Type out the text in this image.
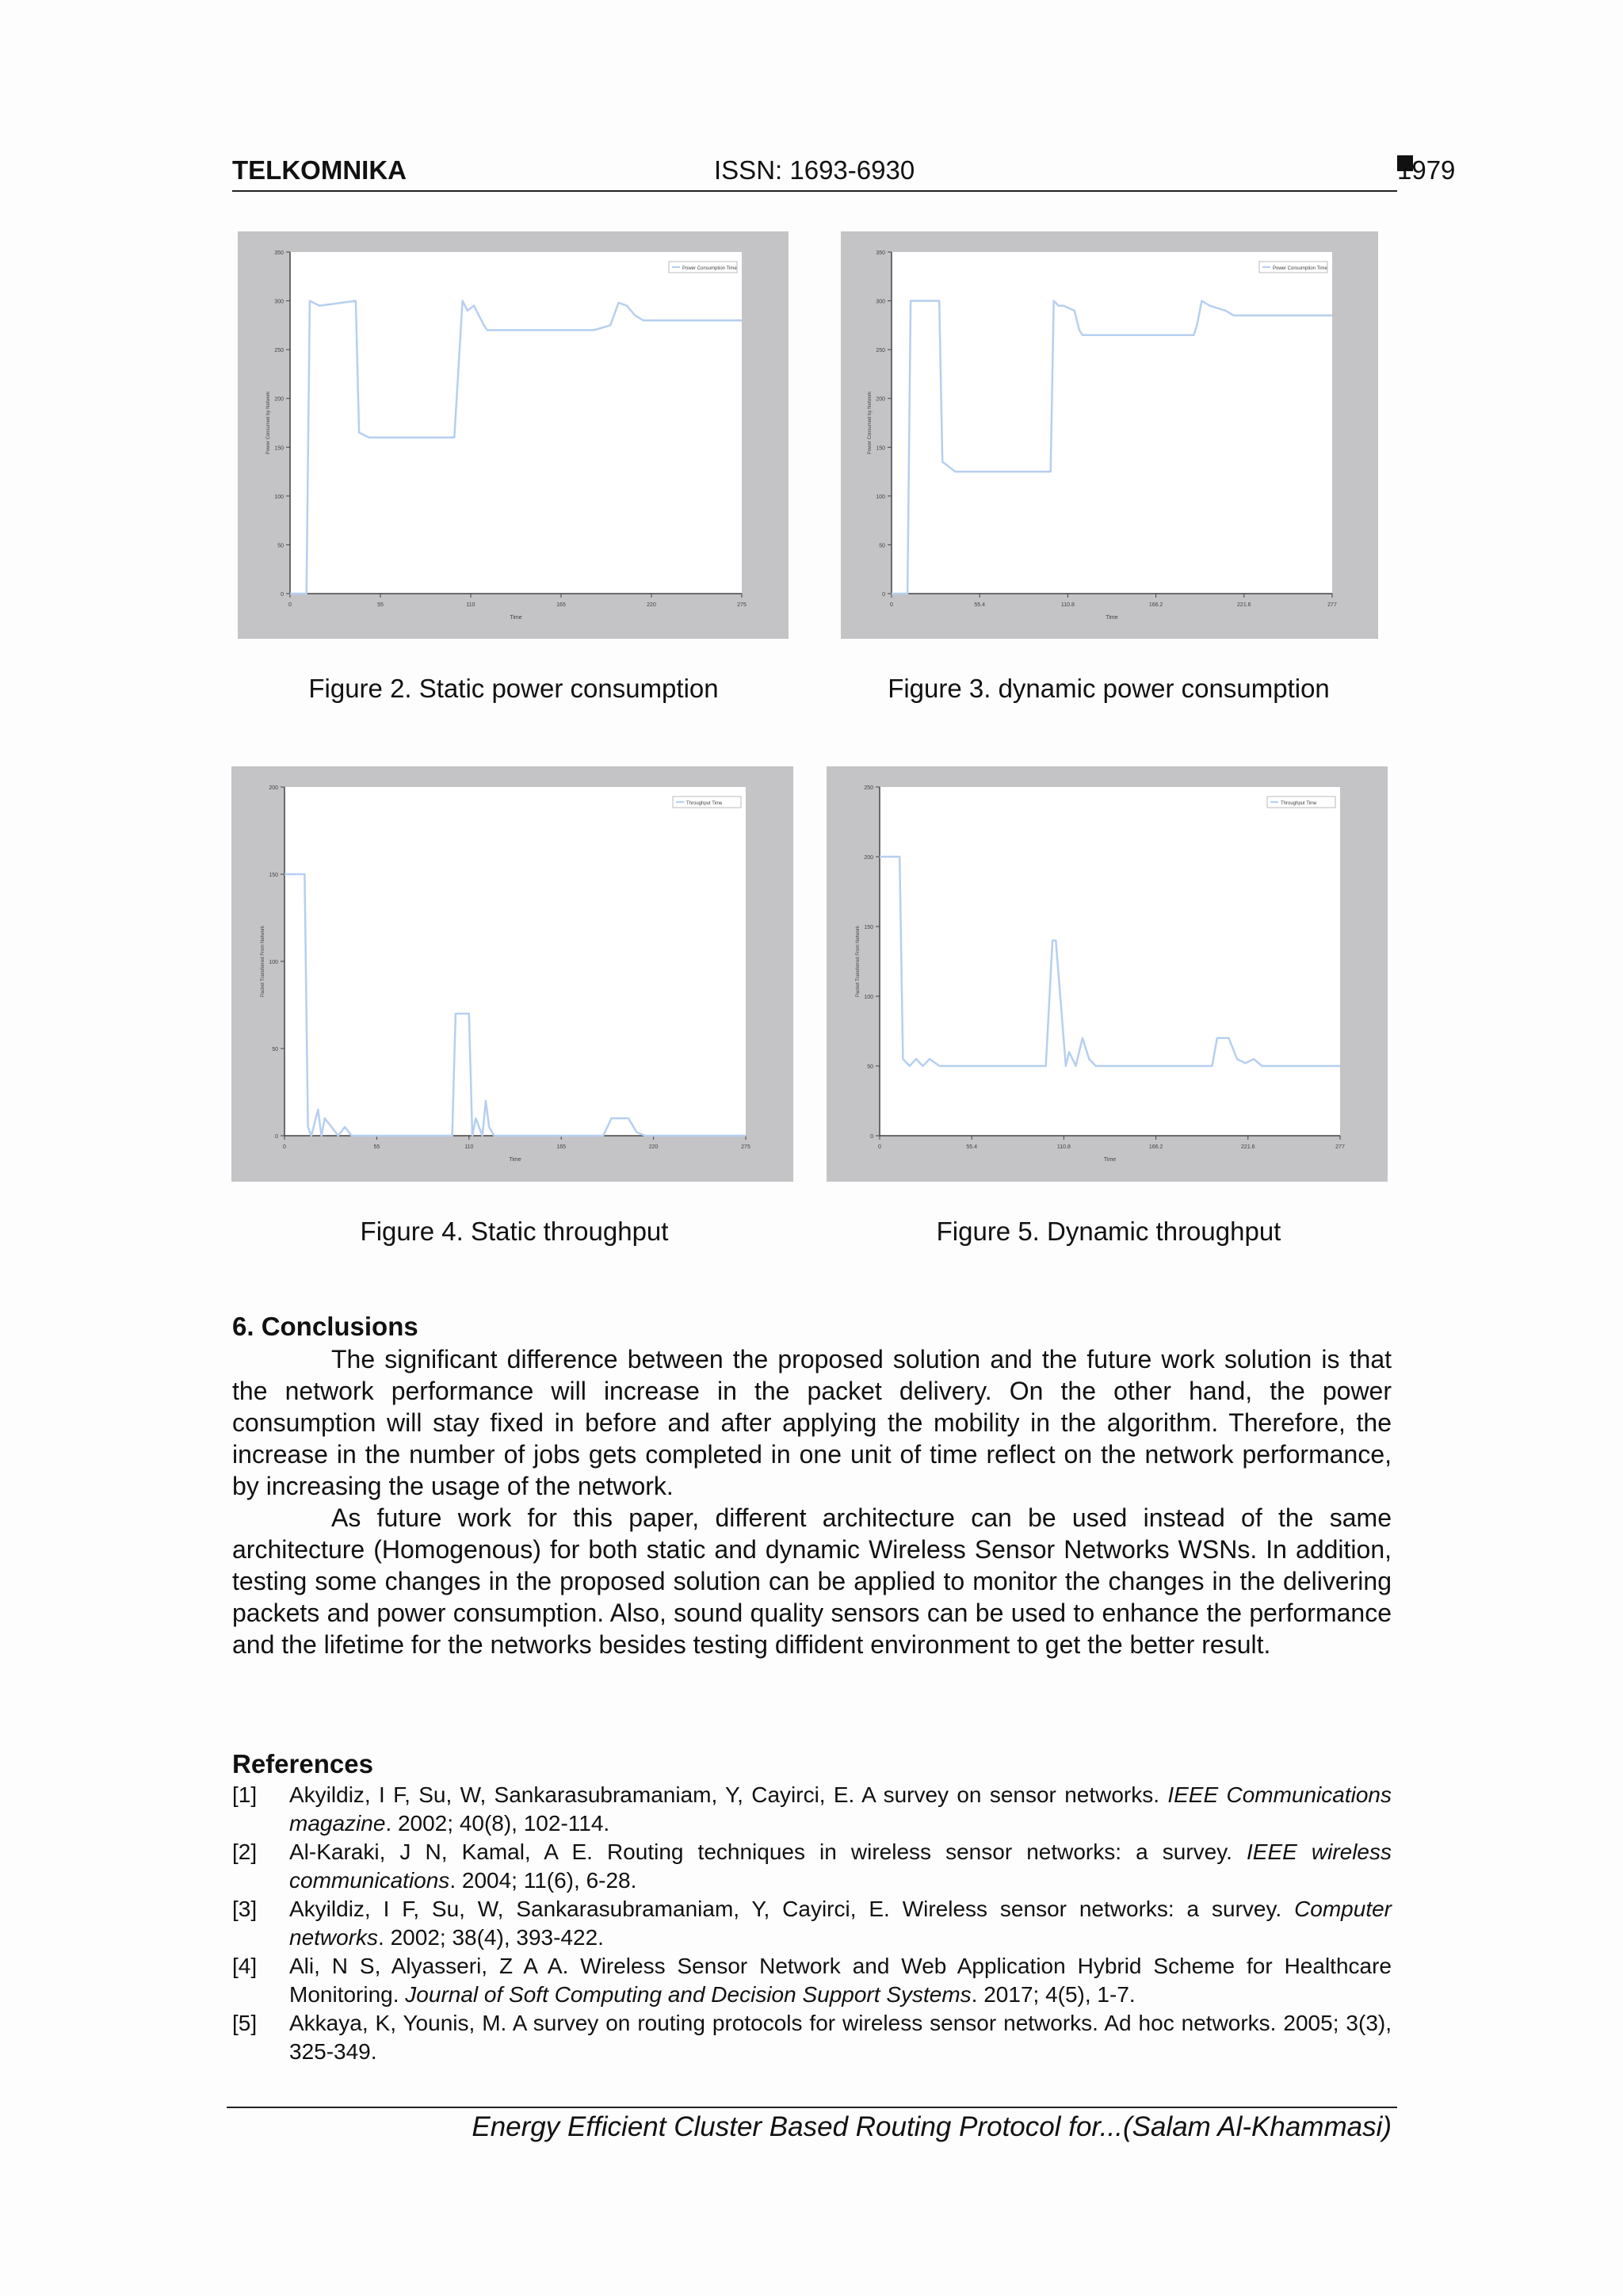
TELKOMNIKA	ISSN: 1693-6930	1979
0
50
100
150
200
250
300
350
0	55	110	165	220	275
Time
Power Consumed by Network
Power Consumption Time
Figure 2. Static power consumption
0
50
100
150
200
250
300
350
0	55.4	110.8	166.2	221.6	277
Time
Power Consumed by Network
Power Consumption Time
Figure 3. dynamic power consumption
0
50
100
150
200
0	55	110	165	220	275
Time
Packet Transferred From Network
Throughput Time
Figure 4. Static throughput
0
50
100
150
200
250
0	55.4	110.8	166.2	221.6	277
Time
Packet Transferred From Network
Throughput Time
Figure 5. Dynamic throughput
6. Conclusions

The significant difference between the proposed solution and the future work solution is that the network performance will increase in the packet delivery. On the other hand, the power consumption will stay fixed in before and after applying the mobility in the algorithm. Therefore, the increase in the number of jobs gets completed in one unit of time reflect on the network performance, by increasing the usage of the network.

As future work for this paper, different architecture can be used instead of the same architecture (Homogenous) for both static and dynamic Wireless Sensor Networks WSNs. In addition, testing some changes in the proposed solution can be applied to monitor the changes in the delivering packets and power consumption. Also, sound quality sensors can be used to enhance the performance and the lifetime for the networks besides testing diffident environment to get the better result.

References
[1] Akyildiz, I F, Su, W, Sankarasubramaniam, Y, Cayirci, E. A survey on sensor networks. IEEE Communications magazine. 2002; 40(8), 102-114.
[2] Al-Karaki, J N, Kamal, A E. Routing techniques in wireless sensor networks: a survey. IEEE wireless communications. 2004; 11(6), 6-28.
[3] Akyildiz, I F, Su, W, Sankarasubramaniam, Y, Cayirci, E. Wireless sensor networks: a survey. Computer networks. 2002; 38(4), 393-422.
[4] Ali, N S, Alyasseri, Z A A. Wireless Sensor Network and Web Application Hybrid Scheme for Healthcare Monitoring. Journal of Soft Computing and Decision Support Systems. 2017; 4(5), 1-7.
[5] Akkaya, K, Younis, M. A survey on routing protocols for wireless sensor networks. Ad hoc networks. 2005; 3(3), 325-349.
Energy Efficient Cluster Based Routing Protocol for...(Salam Al-Khammasi)
